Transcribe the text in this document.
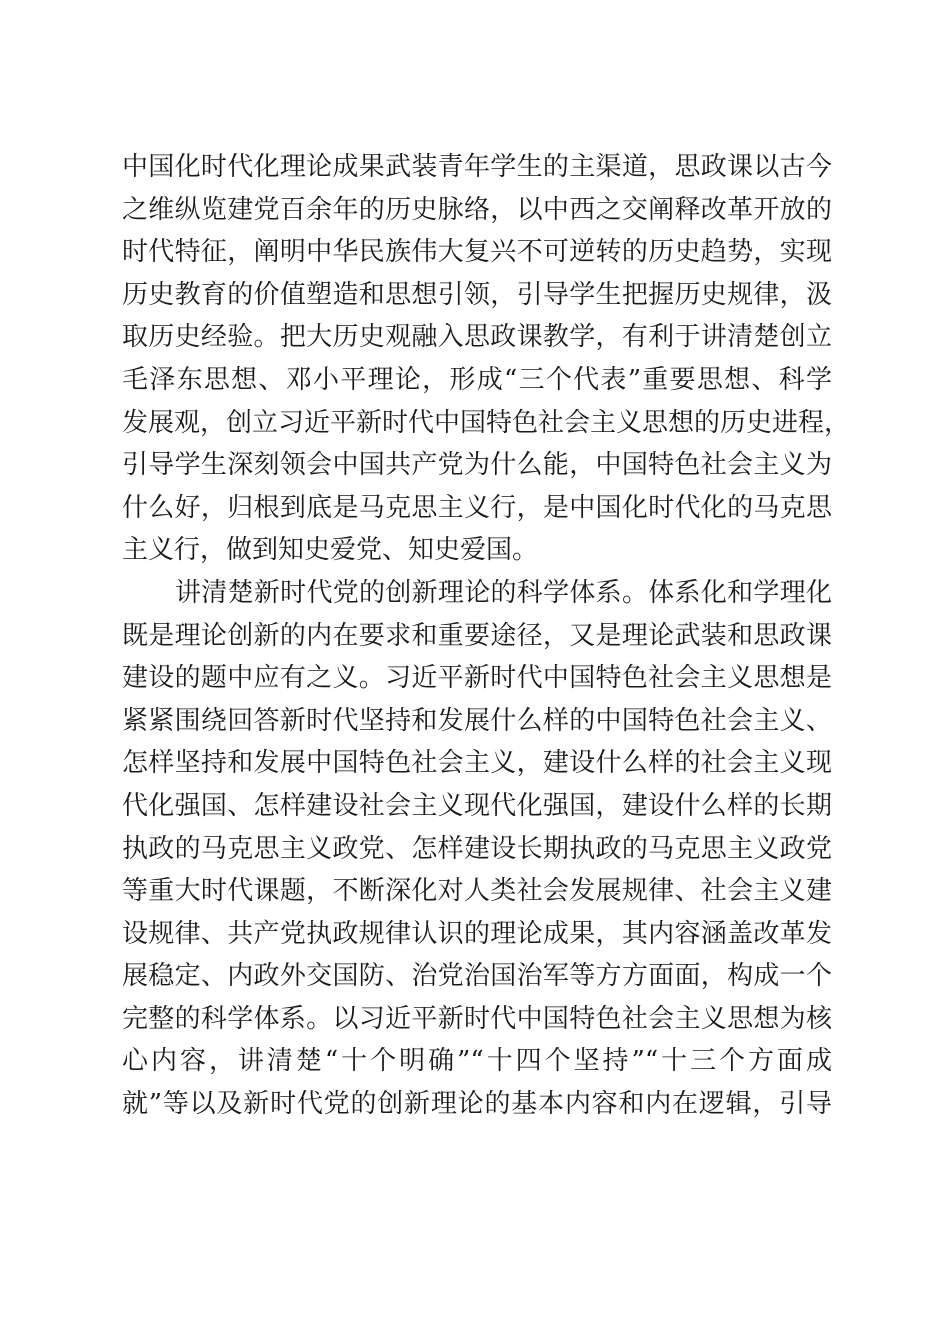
中国化时代化理论成果武装青年学生的主渠道，思政课以古今
之维纵览建党百余年的历史脉络，以中西之交阐释改革开放的
时代特征，阐明中华民族伟大复兴不可逆转的历史趋势，实现
历史教育的价值塑造和思想引领，引导学生把握历史规律，汲
取历史经验。把大历史观融入思政课教学，有利于讲清楚创立
毛泽东思想、邓小平理论，形成“三个代表”重要思想、科学
发展观，创立习近平新时代中国特色社会主义思想的历史进程，
引导学生深刻领会中国共产党为什么能，中国特色社会主义为
什么好，归根到底是马克思主义行，是中国化时代化的马克思
主义行，做到知史爱党、知史爱国。
讲清楚新时代党的创新理论的科学体系。体系化和学理化
既是理论创新的内在要求和重要途径，又是理论武装和思政课
建设的题中应有之义。习近平新时代中国特色社会主义思想是
紧紧围绕回答新时代坚持和发展什么样的中国特色社会主义、
怎样坚持和发展中国特色社会主义，建设什么样的社会主义现
代化强国、怎样建设社会主义现代化强国，建设什么样的长期
执政的马克思主义政党、怎样建设长期执政的马克思主义政党
等重大时代课题，不断深化对人类社会发展规律、社会主义建
设规律、共产党执政规律认识的理论成果，其内容涵盖改革发
展稳定、内政外交国防、治党治国治军等方方面面，构成一个
完整的科学体系。以习近平新时代中国特色社会主义思想为核
心内容，讲清楚“十个明确”“十四个坚持”“十三个方面成
就”等以及新时代党的创新理论的基本内容和内在逻辑，引导
